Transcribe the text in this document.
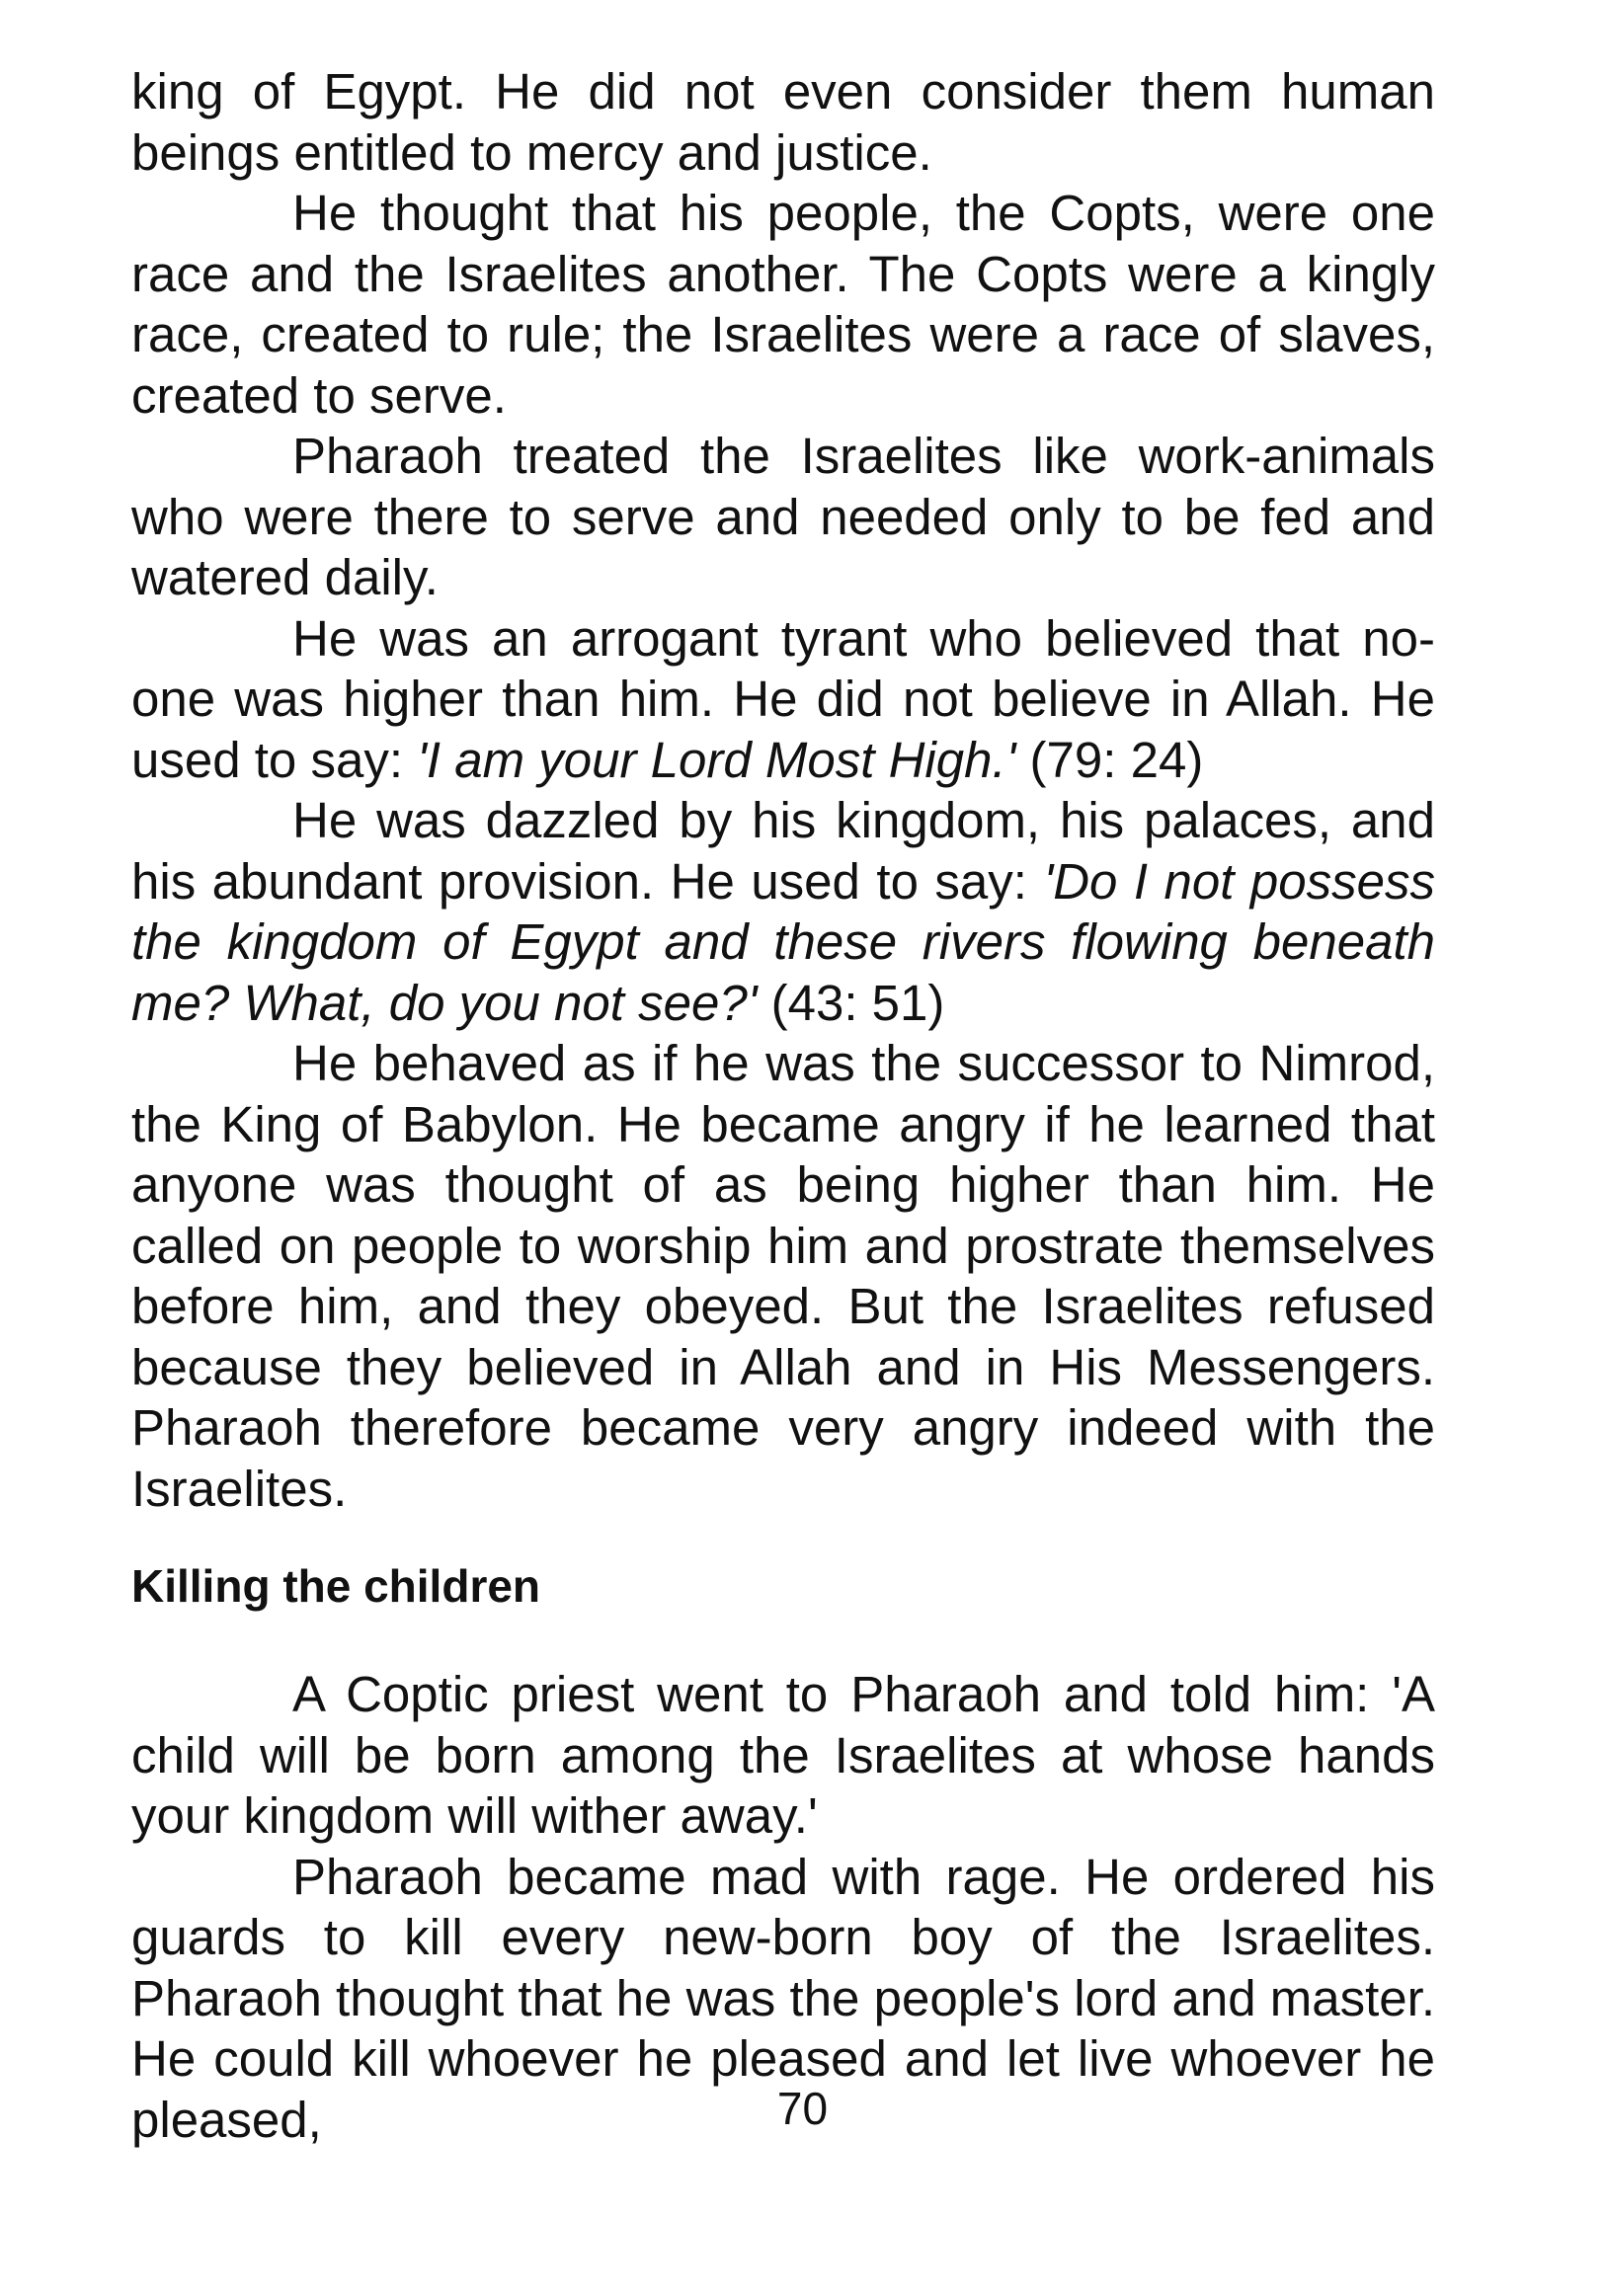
king of Egypt. He did not even consider them human beings entitled to mercy and justice.

He thought that his people, the Copts, were one race and the Israelites another. The Copts were a kingly race, created to rule; the Israelites were a race of slaves, created to serve.

Pharaoh treated the Israelites like work-animals who were there to serve and needed only to be fed and watered daily.

He was an arrogant tyrant who believed that no-one was higher than him. He did not believe in Allah. He used to say: 'I am your Lord Most High.' (79: 24)

He was dazzled by his kingdom, his palaces, and his abundant provision. He used to say: 'Do I not possess the kingdom of Egypt and these rivers flowing beneath me? What, do you not see?' (43: 51)

He behaved as if he was the successor to Nimrod, the King of Babylon. He became angry if he learned that anyone was thought of as being higher than him. He called on people to worship him and prostrate themselves before him, and they obeyed. But the Israelites refused because they believed in Allah and in His Messengers. Pharaoh therefore became very angry indeed with the Israelites.

Killing the children

A Coptic priest went to Pharaoh and told him: 'A child will be born among the Israelites at whose hands your kingdom will wither away.'

Pharaoh became mad with rage. He ordered his guards to kill every new-born boy of the Israelites. Pharaoh thought that he was the people's lord and master. He could kill whoever he pleased and let live whoever he pleased,	70
